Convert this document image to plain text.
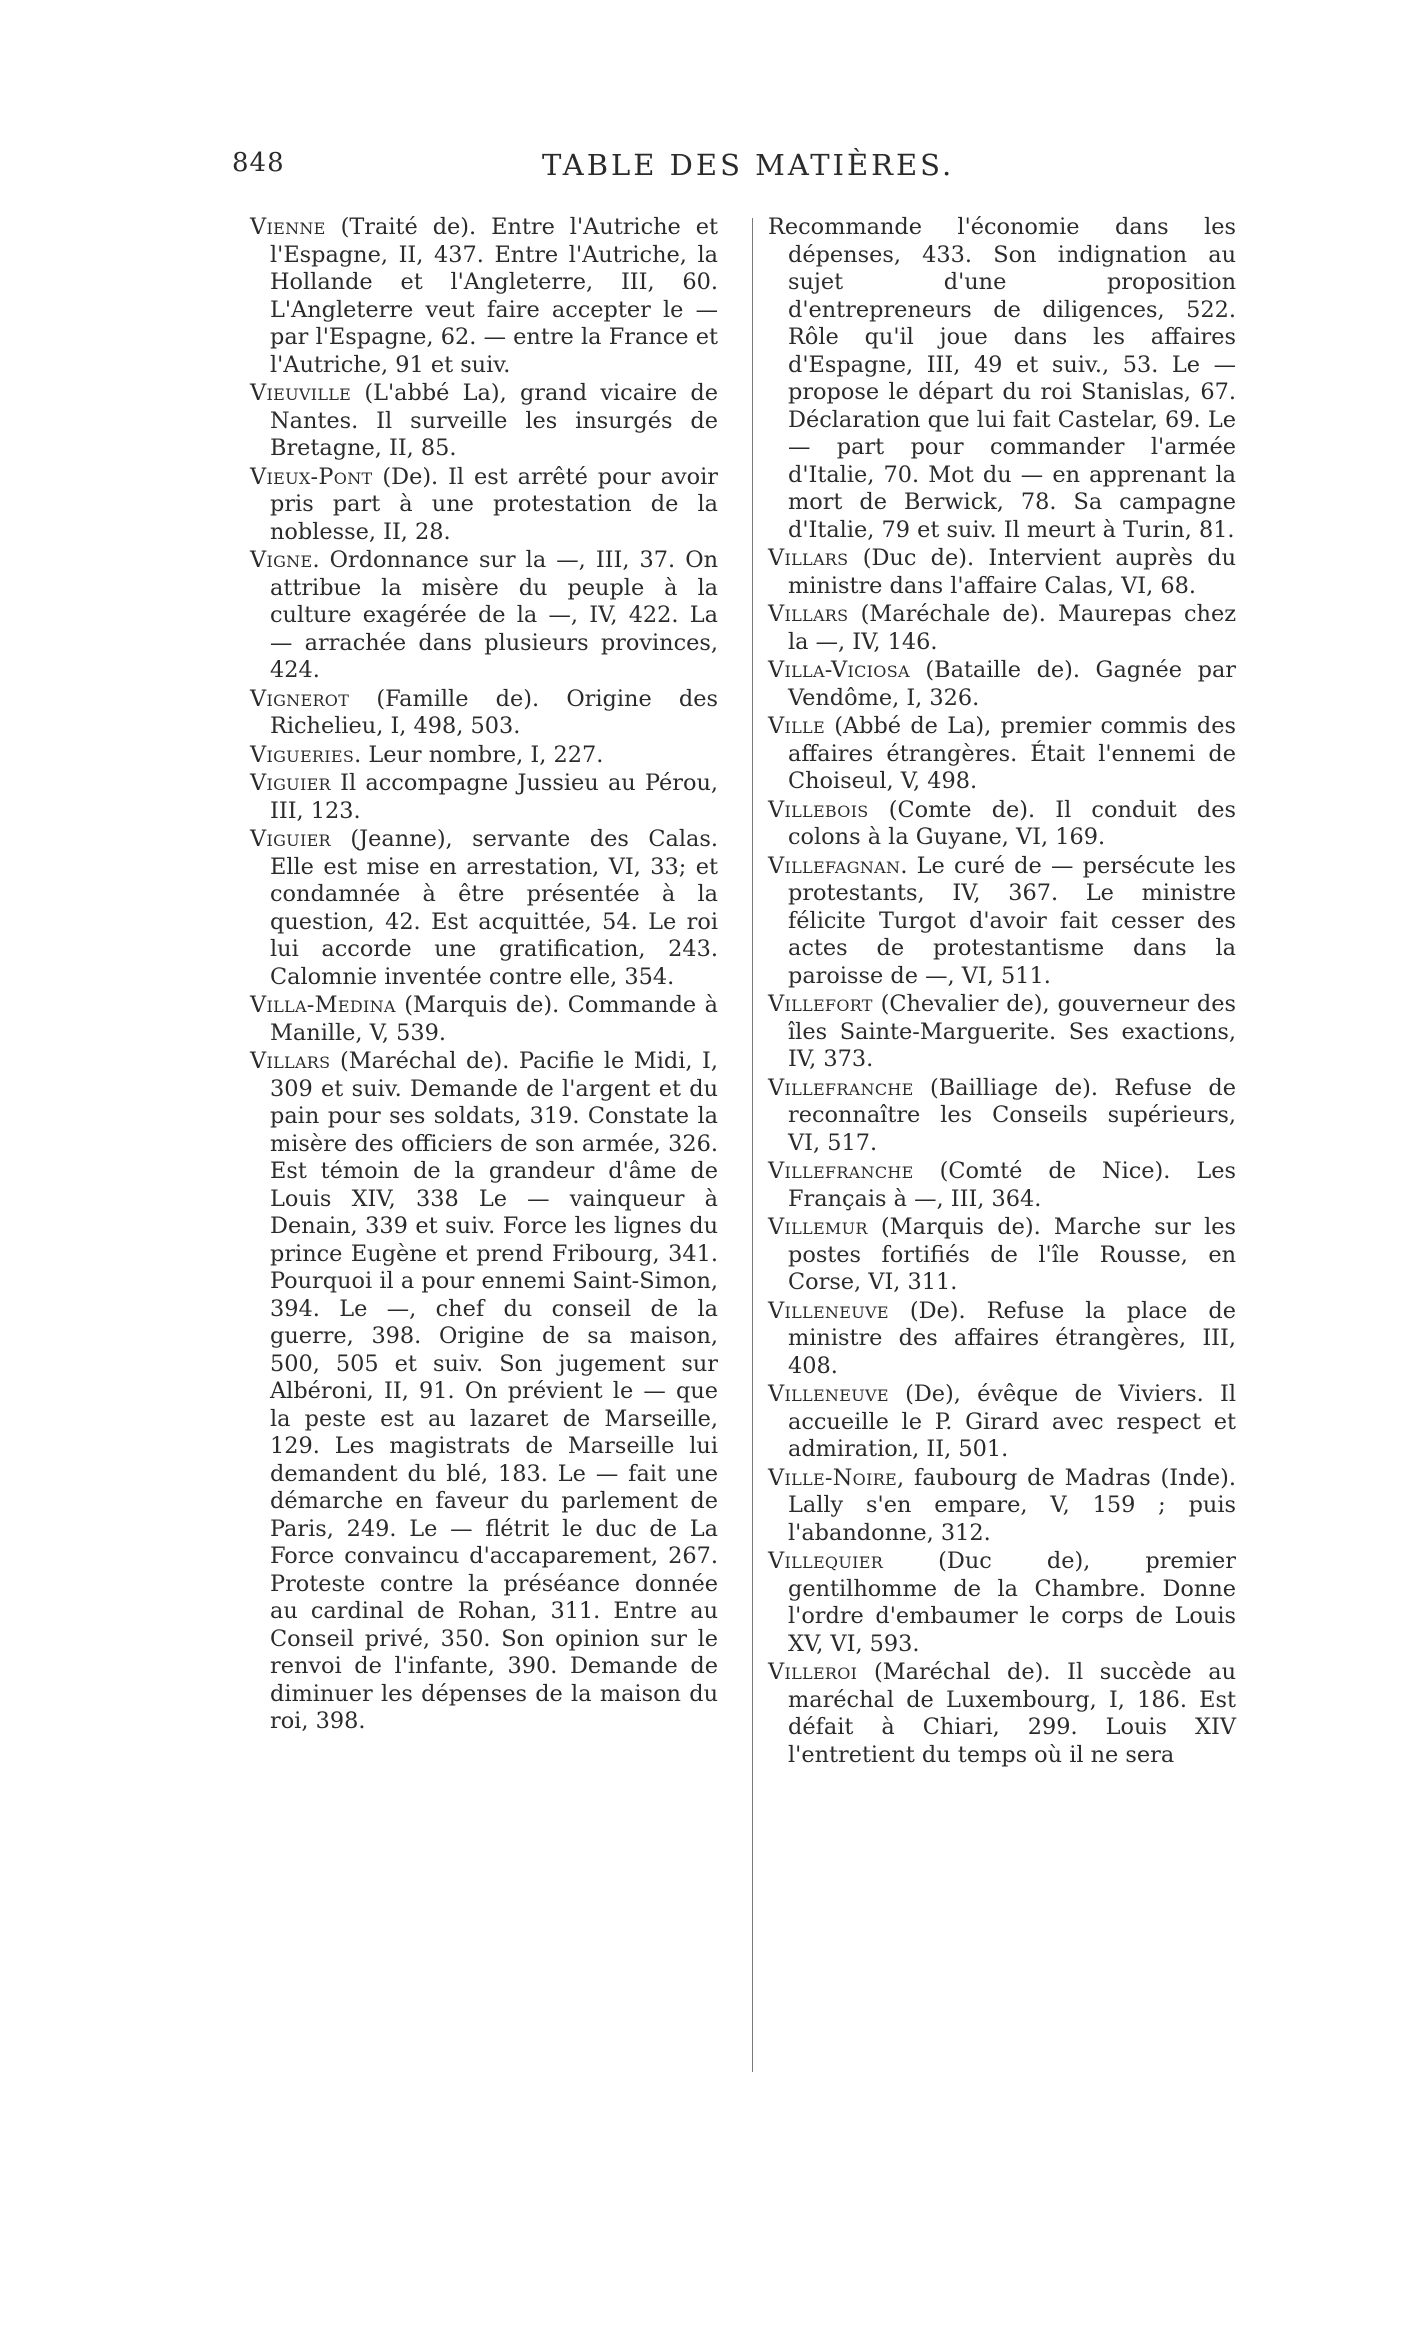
848	TABLE DES MATIÈRES.

Vienne (Traité de). Entre l'Autriche et l'Espagne, II, 437. Entre l'Autriche, la Hollande et l'Angleterre, III, 60. L'Angleterre veut faire accepter le — par l'Espagne, 62. — entre la France et l'Autriche, 91 et suiv.

Vieuville (L'abbé La), grand vicaire de Nantes. Il surveille les insurgés de Bretagne, II, 85.

Vieux-Pont (De). Il est arrêté pour avoir pris part à une protestation de la noblesse, II, 28.

Vigne. Ordonnance sur la —, III, 37. On attribue la misère du peuple à la culture exagérée de la —, IV, 422. La — arrachée dans plusieurs provinces, 424.

Vignerot (Famille de). Origine des Richelieu, I, 498, 503.

Vigueries. Leur nombre, I, 227.

Viguier Il accompagne Jussieu au Pérou, III, 123.

Viguier (Jeanne), servante des Calas. Elle est mise en arrestation, VI, 33; et condamnée à être présentée à la question, 42. Est acquittée, 54. Le roi lui accorde une gratification, 243. Calomnie inventée contre elle, 354.

Villa-Medina (Marquis de). Commande à Manille, V, 539.

Villars (Maréchal de). Pacifie le Midi, I, 309 et suiv. Demande de l'argent et du pain pour ses soldats, 319. Constate la misère des officiers de son armée, 326. Est témoin de la grandeur d'âme de Louis XIV, 338 Le — vainqueur à Denain, 339 et suiv. Force les lignes du prince Eugène et prend Fribourg, 341. Pourquoi il a pour ennemi Saint-Simon, 394. Le —, chef du conseil de la guerre, 398. Origine de sa maison, 500, 505 et suiv. Son jugement sur Albéroni, II, 91. On prévient le — que la peste est au lazaret de Marseille, 129. Les magistrats de Marseille lui demandent du blé, 183. Le — fait une démarche en faveur du parlement de Paris, 249. Le — flétrit le duc de La Force convaincu d'accaparement, 267. Proteste contre la préséance donnée au cardinal de Rohan, 311. Entre au Conseil privé, 350. Son opinion sur le renvoi de l'infante, 390. Demande de diminuer les dépenses de la maison du roi, 398.

Recommande l'économie dans les dépenses, 433. Son indignation au sujet d'une proposition d'entrepreneurs de diligences, 522. Rôle qu'il joue dans les affaires d'Espagne, III, 49 et suiv., 53. Le — propose le départ du roi Stanislas, 67. Déclaration que lui fait Castelar, 69. Le — part pour commander l'armée d'Italie, 70. Mot du — en apprenant la mort de Berwick, 78. Sa campagne d'Italie, 79 et suiv. Il meurt à Turin, 81.

Villars (Duc de). Intervient auprès du ministre dans l'affaire Calas, VI, 68.

Villars (Maréchale de). Maurepas chez la —, IV, 146.

Villa-Viciosa (Bataille de). Gagnée par Vendôme, I, 326.

Ville (Abbé de La), premier commis des affaires étrangères. Était l'ennemi de Choiseul, V, 498.

Villebois (Comte de). Il conduit des colons à la Guyane, VI, 169.

Villefagnan. Le curé de — persécute les protestants, IV, 367. Le ministre félicite Turgot d'avoir fait cesser des actes de protestantisme dans la paroisse de —, VI, 511.

Villefort (Chevalier de), gouverneur des îles Sainte-Marguerite. Ses exactions, IV, 373.

Villefranche (Bailliage de). Refuse de reconnaître les Conseils supérieurs, VI, 517.

Villefranche (Comté de Nice). Les Français à —, III, 364.

Villemur (Marquis de). Marche sur les postes fortifiés de l'île Rousse, en Corse, VI, 311.

Villeneuve (De). Refuse la place de ministre des affaires étrangères, III, 408.

Villeneuve (De), évêque de Viviers. Il accueille le P. Girard avec respect et admiration, II, 501.

Ville-Noire, faubourg de Madras (Inde). Lally s'en empare, V, 159 ; puis l'abandonne, 312.

Villequier (Duc de), premier gentilhomme de la Chambre. Donne l'ordre d'embaumer le corps de Louis XV, VI, 593.

Villeroi (Maréchal de). Il succède au maréchal de Luxembourg, I, 186. Est défait à Chiari, 299. Louis XIV l'entretient du temps où il ne sera
